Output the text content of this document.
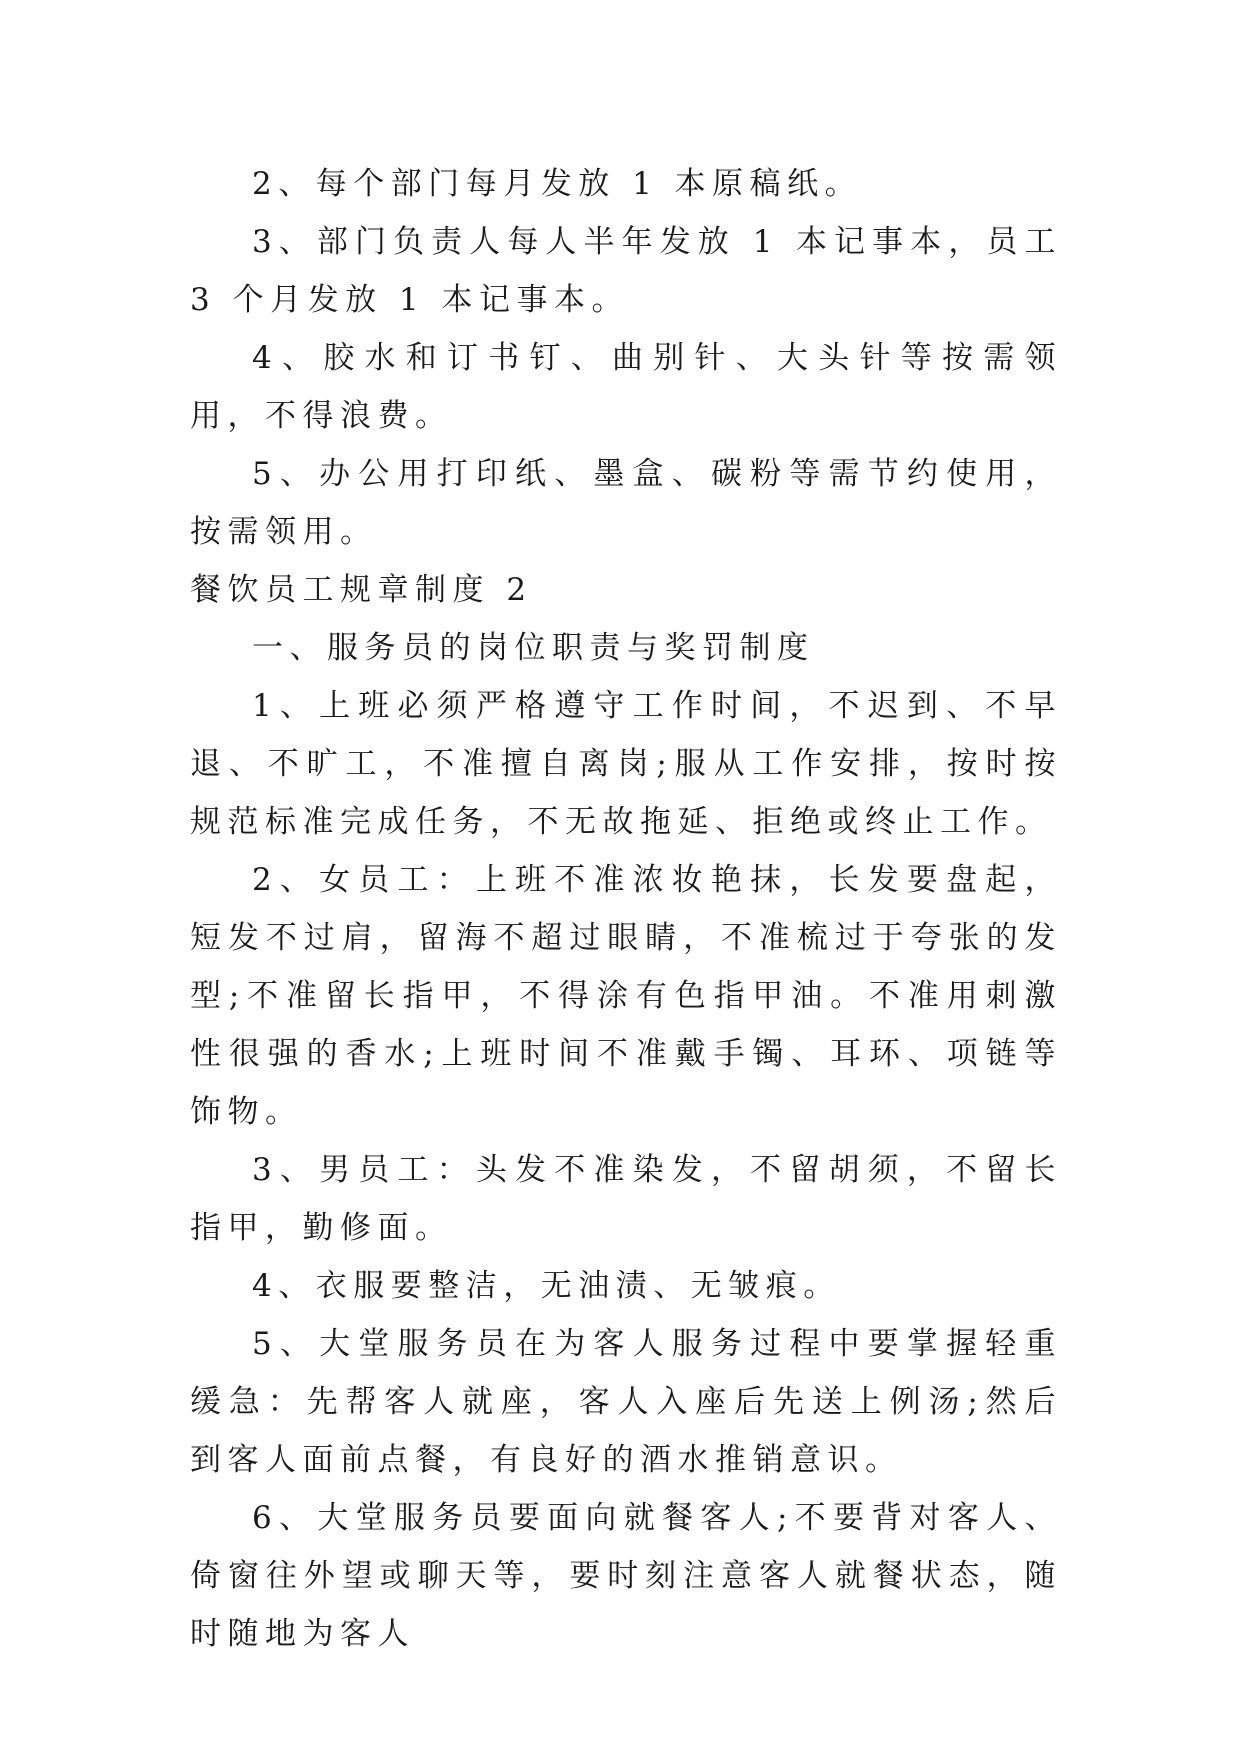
2、每个部门每月发放 1 本原稿纸。

3、部门负责人每人半年发放 1 本记事本，员工 3 个月发放 1 本记事本。

4、胶水和订书钉、曲别针、大头针等按需领用，不得浪费。

5、办公用打印纸、墨盒、碳粉等需节约使用，按需领用。

餐饮员工规章制度 2

一、服务员的岗位职责与奖罚制度

1、上班必须严格遵守工作时间，不迟到、不早退、不旷工，不准擅自离岗;服从工作安排，按时按规范标准完成任务，不无故拖延、拒绝或终止工作。

2、女员工：上班不准浓妆艳抹，长发要盘起，短发不过肩，留海不超过眼睛，不准梳过于夸张的发型;不准留长指甲，不得涂有色指甲油。不准用刺激性很强的香水;上班时间不准戴手镯、耳环、项链等饰物。

3、男员工：头发不准染发，不留胡须，不留长指甲，勤修面。

4、衣服要整洁，无油渍、无皱痕。

5、大堂服务员在为客人服务过程中要掌握轻重缓急：先帮客人就座，客人入座后先送上例汤;然后到客人面前点餐，有良好的酒水推销意识。

6、大堂服务员要面向就餐客人;不要背对客人、倚窗往外望或聊天等，要时刻注意客人就餐状态，随时随地为客人
